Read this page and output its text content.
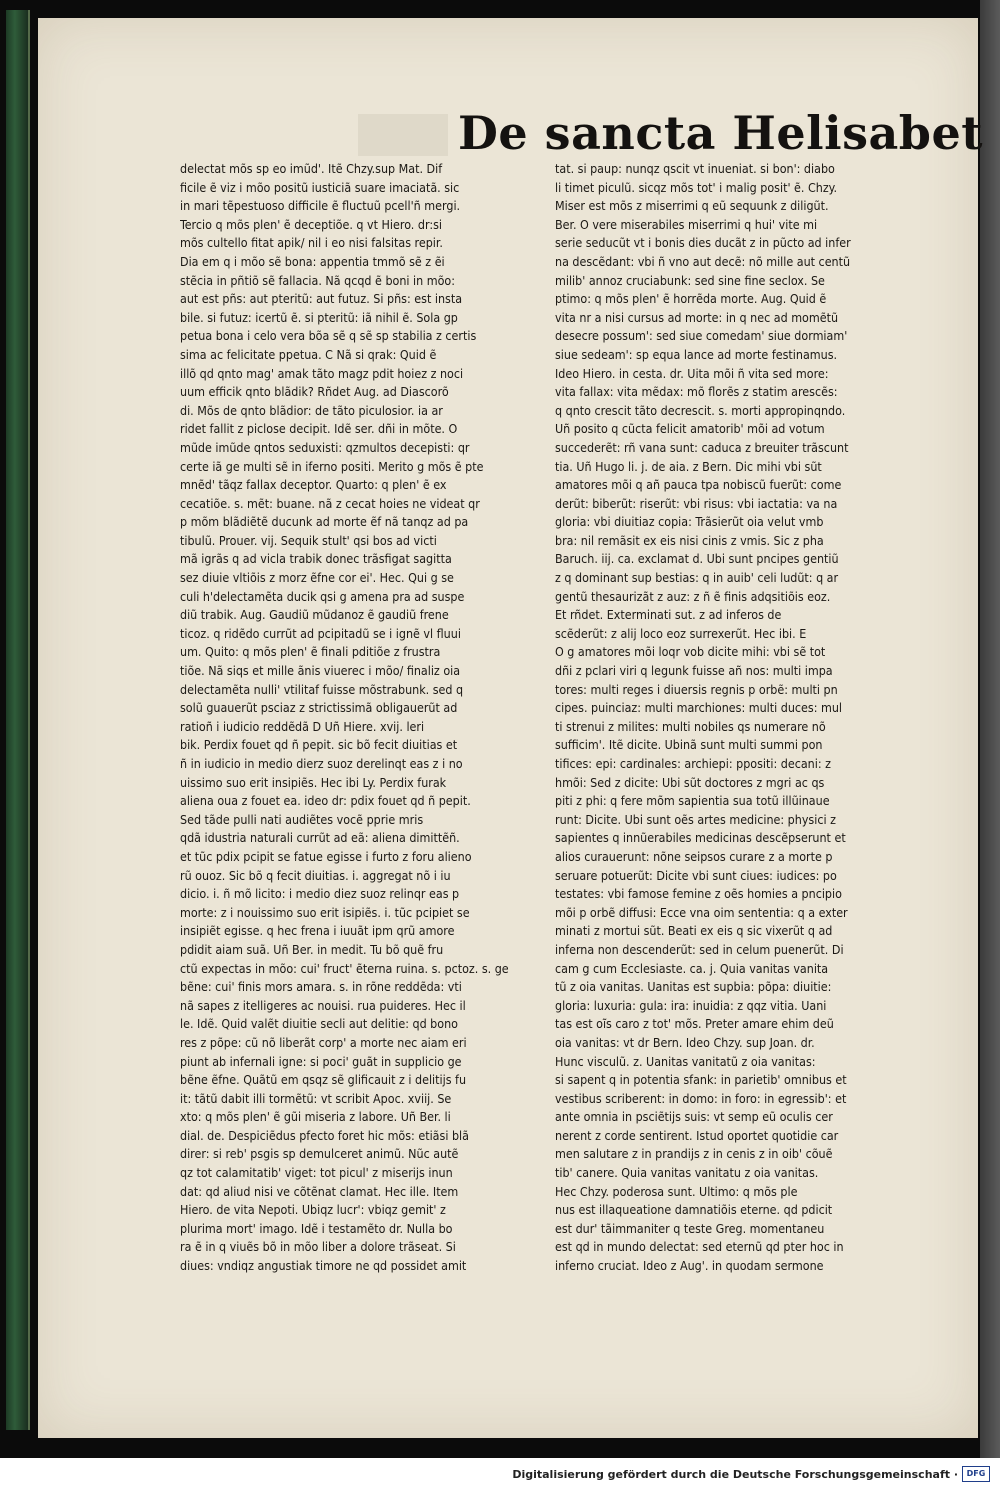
De sancta Helisabet
delectat mõs sp eo imũd'. Itẽ Chzy.sup Mat. Dif
ficile ẽ viz i mõo positũ iusticiã suare imaciatã. sic
in mari tẽpestuoso difficile ẽ fluctuũ pcell'ñ mergi.
Tercio q mõs plen' ẽ deceptiõe. q vt Hiero. dr:si
mõs cultello fitat apik/ nil i eo nisi falsitas repir.
Dia em q i mõo sẽ bona: appentia tmmõ sẽ z ẽi
stẽcia in pñtiõ sẽ fallacia. Nã qcqd ẽ boni in mõo:
aut est pñs: aut pteritũ: aut futuz. Si pñs: est insta
bile. si futuz: icertũ ẽ. si pteritũ: iã nihil ẽ. Sola gp
petua bona i celo vera bõa sẽ q sẽ sp stabilia z certis
sima ac felicitate ppetua. C Nã si qrak: Quid ẽ
illõ qd qnto mag' amak tãto magz pdit hoiez z noci
uum efficik qnto blãdik? Rñdet Aug. ad Diascorõ
di. Mõs de qnto blãdior: de tãto piculosior. ia ar
ridet fallit z piclose decipit. Idẽ ser. dñi in mõte. O
mũde imũde qntos seduxisti: qzmultos decepisti: qr
certe iã ge multi sẽ in iferno positi. Merito g mõs ẽ pte
mnẽd' tãqz fallax deceptor. Quarto: q plen' ẽ ex
cecatiõe. s. mẽt: buane. nã z cecat hoies ne videat qr
p mõm blãdiẽtẽ ducunk ad morte ẽf nã tanqz ad pa
tibulũ. Prouer. vij. Sequik stult' qsi bos ad victi
mã igrãs q ad vicla trabik donec trãsfigat sagitta
sez diuie vltiõis z morz ẽfne cor ei'. Hec. Qui g se
culi h'delectamẽta ducik qsi g amena pra ad suspe
diũ trabik. Aug. Gaudiũ mũdanoz ẽ gaudiũ frene
ticoz. q ridẽdo currũt ad pcipitadũ se i ignẽ vl fluui
um. Quito: q mõs plen' ẽ finali pditiõe z frustra
tiõe. Nã siqs et mille ãnis viuerec i mõo/ finaliz oia
delectamẽta nulli' vtilitaf fuisse mõstrabunk. sed q
solũ guauerũt psciaz z strictissimã obligauerũt ad
ratioñ i iudicio reddẽdã D Uñ Hiere. xvij. leri
bik. Perdix fouet qd ñ pepit. sic bõ fecit diuitias et
ñ in iudicio in medio dierz suoz derelinqt eas z i no
uissimo suo erit insipiẽs. Hec ibi Ly. Perdix furak
aliena oua z fouet ea. ideo dr: pdix fouet qd ñ pepit.
Sed tãde pulli nati audiẽtes vocẽ pprie mris
qdã idustria naturali currũt ad eã: aliena dimittẽñ.
et tũc pdix pcipit se fatue egisse i furto z foru alieno
rũ ouoz. Sic bõ q fecit diuitias. i. aggregat nõ i iu
dicio. i. ñ mõ licito: i medio diez suoz relinqr eas p
morte: z i nouissimo suo erit isipiẽs. i. tũc pcipiet se
insipiẽt egisse. q hec frena i iuuãt ipm qrũ amore
pdidit aiam suã. Uñ Ber. in medit. Tu bõ quẽ fru
ctũ expectas in mõo: cui' fruct' ẽterna ruina. s. pctoz. s. ge
bẽne: cui' finis mors amara. s. in rõne reddẽda: vti
nã sapes z itelligeres ac nouisi. rua puideres. Hec il
le. Idẽ. Quid valẽt diuitie secli aut delitie: qd bono
res z põpe: cũ nõ liberãt corp' a morte nec aiam eri
piunt ab infernali igne: si poci' guãt in supplicio ge
bẽne ẽfne. Quãtũ em qsqz sẽ glificauit z i delitijs fu
it: tãtũ dabit illi tormẽtũ: vt scribit Apoc. xviij. Se
xto: q mõs plen' ẽ gũi miseria z labore. Uñ Ber. li
dial. de. Despiciẽdus pfecto foret hic mõs: etiãsi blã
direr: si reb' psgis sp demulceret animũ. Nũc autẽ
qz tot calamitatib' viget: tot picul' z miserijs inun
dat: qd aliud nisi ve cõtẽnat clamat. Hec ille. Item
Hiero. de vita Nepoti. Ubiqz lucr': vbiqz gemit' z
plurima mort' imago. Idẽ i testamẽto dr. Nulla bo
ra ẽ in q viuẽs bõ in mõo liber a dolore trãseat. Si
diues: vndiqz angustiak timore ne qd possidet amit
tat. si paup: nunqz qscit vt inueniat. si bon': diabo
li timet piculũ. sicqz mõs tot' i malig posit' ẽ. Chzy.
Miser est mõs z miserrimi q eũ sequunk z diligũt.
Ber. O vere miserabiles miserrimi q hui' vite mi
serie seducũt vt i bonis dies ducãt z in pũcto ad infer
na descẽdant: vbi ñ vno aut decẽ: nõ mille aut centũ
milib' annoz cruciabunk: sed sine fine seclox. Se
ptimo: q mõs plen' ẽ horrẽda morte. Aug. Quid ẽ
vita nr a nisi cursus ad morte: in q nec ad momẽtũ
desecre possum': sed siue comedam' siue dormiam'
siue sedeam': sp equa lance ad morte festinamus.
Ideo Hiero. in cesta. dr. Uita mõi ñ vita sed more:
vita fallax: vita mẽdax: mõ florẽs z statim arescẽs:
q qnto crescit tãto decrescit. s. morti appropinqndo.
Uñ posito q cũcta felicit amatorib' mõi ad votum
succederẽt: rñ vana sunt: caduca z breuiter trãscunt
tia. Uñ Hugo li. j. de aia. z Bern. Dic mihi vbi sũt
amatores mõi q añ pauca tpa nobiscũ fuerũt: come
derũt: biberũt: riserũt: vbi risus: vbi iactatia: va na
gloria: vbi diuitiaz copia: Trãsierũt oia velut vmb
bra: nil remãsit ex eis nisi cinis z vmis. Sic z pha
Baruch. iij. ca. exclamat d. Ubi sunt pncipes gentiũ
z q dominant sup bestias: q in auib' celi ludũt: q ar
gentũ thesaurizãt z auz: z ñ ẽ finis adqsitiõis eoz.
Et rñdet. Exterminati sut. z ad inferos de
scẽderũt: z alij loco eoz surrexerũt. Hec ibi. E
O g amatores mõi loqr vob dicite mihi: vbi sẽ tot
dñi z pclari viri q legunk fuisse añ nos: multi impa
tores: multi reges i diuersis regnis p orbẽ: multi pn
cipes. puinciaz: multi marchiones: multi duces: mul
ti strenui z milites: multi nobiles qs numerare nõ
sufficim'. Itẽ dicite. Ubinã sunt multi summi pon
tifices: epi: cardinales: archiepi: ppositi: decani: z
hmõi: Sed z dicite: Ubi sũt doctores z mgri ac qs
piti z phi: q fere mõm sapientia sua totũ illũinaue
runt: Dicite. Ubi sunt oẽs artes medicine: physici z
sapientes q innũerabiles medicinas descẽpserunt et
alios curauerunt: nõne seipsos curare z a morte p
seruare potuerũt: Dicite vbi sunt ciues: iudices: po
testates: vbi famose femine z oẽs homies a pncipio
mõi p orbẽ diffusi: Ecce vna oim sententia: q a exter
minati z mortui sũt. Beati ex eis q sic vixerũt q ad
inferna non descenderũt: sed in celum puenerũt. Di
cam g cum Ecclesiaste. ca. j. Quia vanitas vanita
tũ z oia vanitas. Uanitas est supbia: põpa: diuitie:
gloria: luxuria: gula: ira: inuidia: z qqz vitia. Uani
tas est oĩs caro z tot' mõs. Preter amare ehim deũ
oia vanitas: vt dr Bern. Ideo Chzy. sup Joan. dr.
Hunc visculũ. z. Uanitas vanitatũ z oia vanitas:
si sapent q in potentia sfank: in parietib' omnibus et
vestibus scriberent: in domo: in foro: in egressib': et
ante omnia in psciẽtijs suis: vt semp eũ oculis cer
nerent z corde sentirent. Istud oportet quotidie car
men salutare z in prandijs z in cenis z in oib' cõuẽ
tib' canere. Quia vanitas vanitatu z oia vanitas.
Hec Chzy. poderosa sunt. Ultimo: q mõs ple
nus est illaqueatione damnatiõis eterne. qd pdicit
est dur' tãimmaniter q teste Greg. momentaneu
est qd in mundo delectat: sed eternũ qd pter hoc in
inferno cruciat. Ideo z Aug'. in quodam sermone
Digitalisierung gefördert durch die Deutsche Forschungsgemeinschaft ·	DFG
